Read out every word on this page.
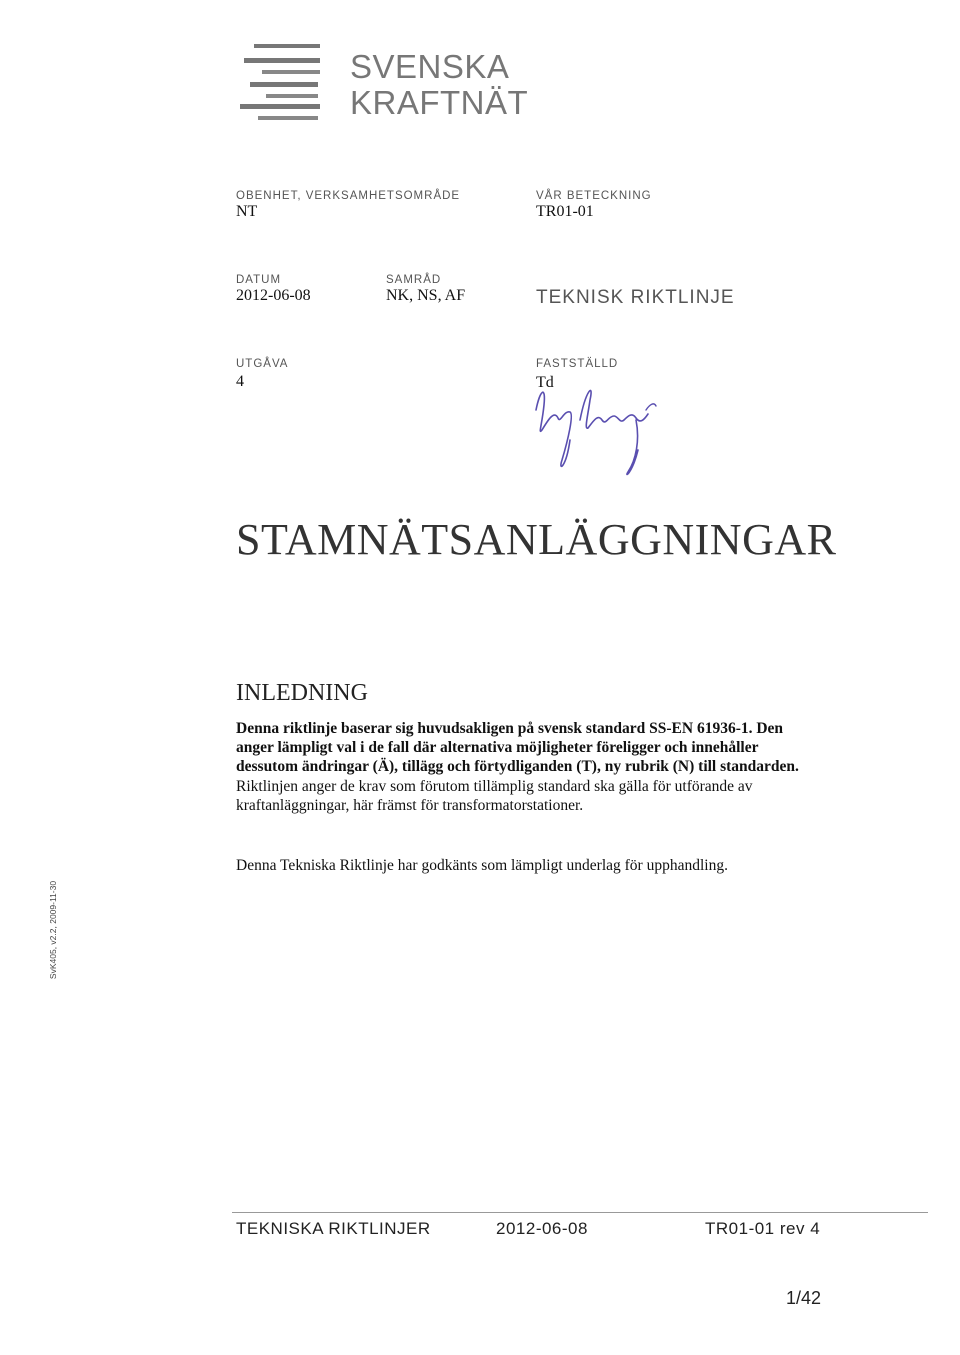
SVENSKA
KRAFTNÄT
OBENHET, VERKSAMHETSOMRÅDE
NT
VÅR BETECKNING
TR01-01
DATUM
2012-06-08
SAMRÅD
NK, NS, AF	TEKNISK RIKTLINJE
UTGÅVA
4
FASTSTÄLLD
Td
STAMNÄTSANLÄGGNINGAR
INLEDNING
Denna riktlinje baserar sig huvudsakligen på svensk standard SS-EN 61936-1. Den anger lämpligt val i de fall där alternativa möjligheter föreligger och innehåller dessutom ändringar (Ä), tillägg och förtydliganden (T), ny rubrik (N) till standarden. Riktlinjen anger de krav som förutom tillämplig standard ska gälla för utförande av kraftanläggningar, här främst för transformatorstationer.
Denna Tekniska Riktlinje har godkänts som lämpligt underlag för upphandling.
SvK405, v2.2, 2009-11-30
TEKNISKA RIKTLINJER	2012-06-08	TR01-01 rev 4
1/42
